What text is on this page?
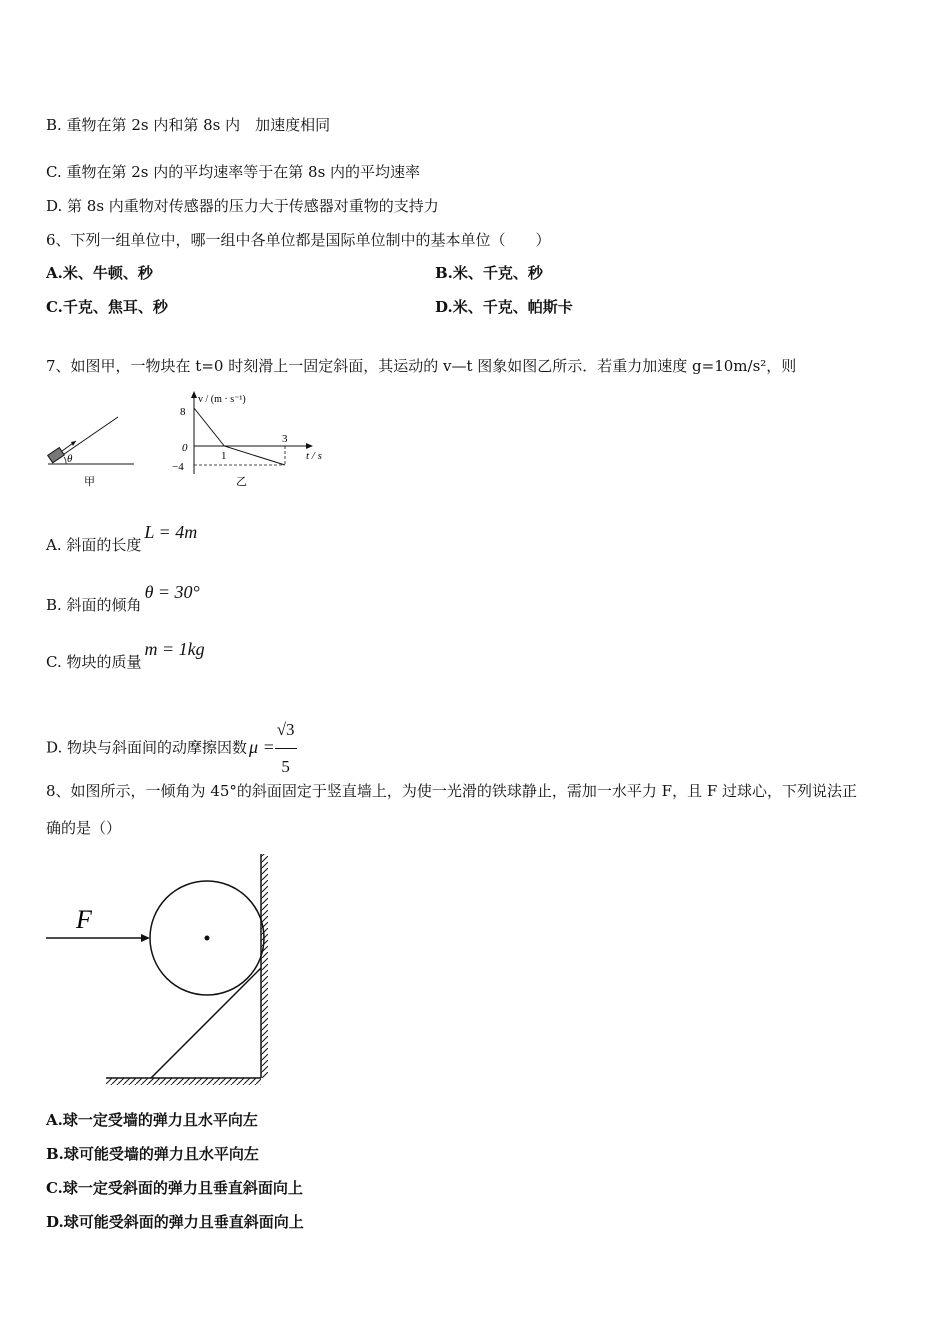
B. 重物在第 2s 内和第 8s 内　加速度相同
C. 重物在第 2s 内的平均速率等于在第 8s 内的平均速率
D. 第 8s 内重物对传感器的压力大于传感器对重物的支持力
6、下列一组单位中，哪一组中各单位都是国际单位制中的基本单位（　　）
A.米、牛顿、秒	B.米、千克、秒
C.千克、焦耳、秒	D.米、千克、帕斯卡
7、如图甲，一物块在 t=0 时刻滑上一固定斜面，其运动的 v—t 图象如图乙所示．若重力加速度 g=10m/s²，则
θ
甲
v / (m · s⁻¹)
t / s
8
0
−4
1
3
乙
A. 斜面的长度L = 4m
B. 斜面的倾角θ = 30°
C. 物块的质量m = 1kg
D. 物块与斜面间的动摩擦因数 $\mu = \frac{√3}{5}$
8、如图所示，一倾角为 45°的斜面固定于竖直墙上，为使一光滑的铁球静止，需加一水平力 F，且 F 过球心，下列说法正
确的是（）
F
A.球一定受墙的弹力且水平向左
B.球可能受墙的弹力且水平向左
C.球一定受斜面的弹力且垂直斜面向上
D.球可能受斜面的弹力且垂直斜面向上
